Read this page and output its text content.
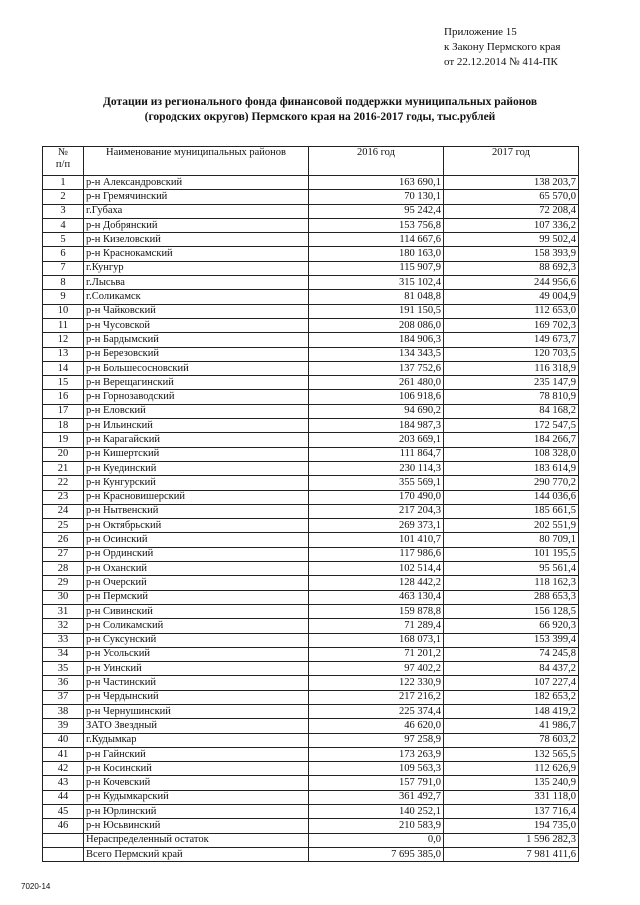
Приложение 15
к Закону Пермского края
от 22.12.2014 № 414-ПК
Дотации из регионального фонда финансовой поддержки муниципальных районов
(городских округов) Пермского края на 2016-2017 годы, тыс.рублей
№
п/п	Наименование муниципальных районов	2016 год	2017 год
1	р-н Александровский	163 690,1	138 203,7
2	р-н Гремячинский	70 130,1	65 570,0
3	г.Губаха	95 242,4	72 208,4
4	р-н Добрянский	153 756,8	107 336,2
5	р-н Кизеловский	114 667,6	99 502,4
6	р-н Краснокамский	180 163,0	158 393,9
7	г.Кунгур	115 907,9	88 692,3
8	г.Лысьва	315 102,4	244 956,6
9	г.Соликамск	81 048,8	49 004,9
10	р-н Чайковский	191 150,5	112 653,0
11	р-н Чусовской	208 086,0	169 702,3
12	р-н Бардымский	184 906,3	149 673,7
13	р-н Березовский	134 343,5	120 703,5
14	р-н Большесосновский	137 752,6	116 318,9
15	р-н Верещагинский	261 480,0	235 147,9
16	р-н Горнозаводский	106 918,6	78 810,9
17	р-н Еловский	94 690,2	84 168,2
18	р-н Ильинский	184 987,3	172 547,5
19	р-н Карагайский	203 669,1	184 266,7
20	р-н Кишертский	111 864,7	108 328,0
21	р-н Куединский	230 114,3	183 614,9
22	р-н Кунгурский	355 569,1	290 770,2
23	р-н Красновишерский	170 490,0	144 036,6
24	р-н Нытвенский	217 204,3	185 661,5
25	р-н Октябрьский	269 373,1	202 551,9
26	р-н Осинский	101 410,7	80 709,1
27	р-н Ординский	117 986,6	101 195,5
28	р-н Оханский	102 514,4	95 561,4
29	р-н Очерский	128 442,2	118 162,3
30	р-н Пермский	463 130,4	288 653,3
31	р-н Сивинский	159 878,8	156 128,5
32	р-н Соликамский	71 289,4	66 920,3
33	р-н Суксунский	168 073,1	153 399,4
34	р-н Усольский	71 201,2	74 245,8
35	р-н Уинский	97 402,2	84 437,2
36	р-н Частинский	122 330,9	107 227,4
37	р-н Чердынский	217 216,2	182 653,2
38	р-н Чернушинский	225 374,4	148 419,2
39	ЗАТО Звездный	46 620,0	41 986,7
40	г.Кудымкар	97 258,9	78 603,2
41	р-н Гайнский	173 263,9	132 565,5
42	р-н Косинский	109 563,3	112 626,9
43	р-н Кочевский	157 791,0	135 240,9
44	р-н Кудымкарский	361 492,7	331 118,0
45	р-н Юрлинский	140 252,1	137 716,4
46	р-н Юсьвинский	210 583,9	194 735,0
	Нераспределенный остаток	0,0	1 596 282,3
	Всего Пермский край	7 695 385,0	7 981 411,6
7020-14
